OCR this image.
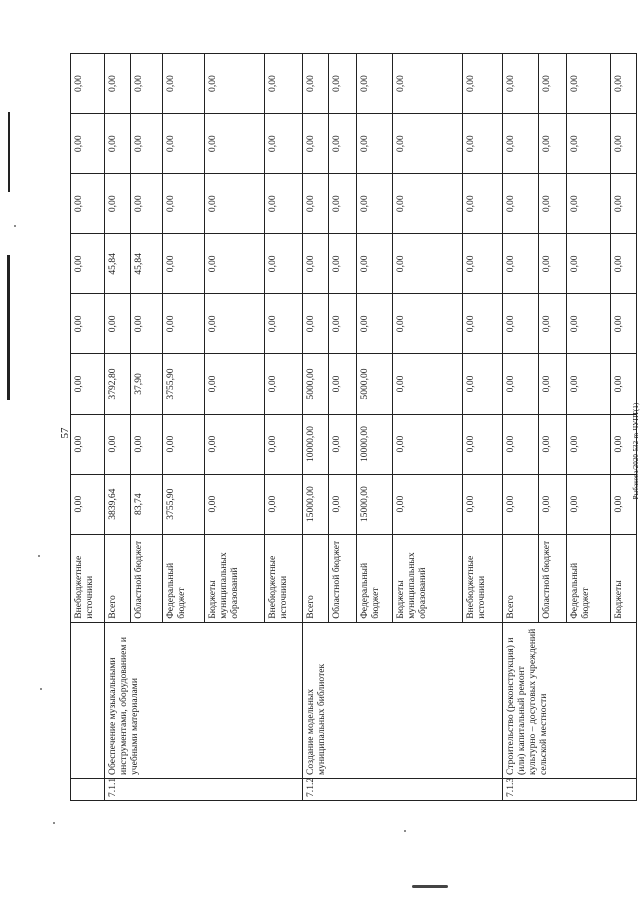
57
		Внебюджетные источники	0,00	0,00	0,00	0,00	0,00	0,00	0,00	0,00
7.1.1	Обеспечение музыкальными инструментами, оборудованием и учебными материалами	Всего	3839,64	0,00	3792,80	0,00	45,84	0,00	0,00	0,00
		Областной бюджет	83,74	0,00	37,90	0,00	45,84	0,00	0,00	0,00
		Федеральный бюджет	3755,90	0,00	3755,90	0,00	0,00	0,00	0,00	0,00
		Бюджеты муниципальных образований	0,00	0,00	0,00	0,00	0,00	0,00	0,00	0,00
		Внебюджетные источники	0,00	0,00	0,00	0,00	0,00	0,00	0,00	0,00
7.1.2	Создание модельных муниципальных библиотек	Всего	15000,00	10000,00	5000,00	0,00	0,00	0,00	0,00	0,00
		Областной бюджет	0,00	0,00	0,00	0,00	0,00	0,00	0,00	0,00
		Федеральный бюджет	15000,00	10000,00	5000,00	0,00	0,00	0,00	0,00	0,00
		Бюджеты муниципальных образований	0,00	0,00	0,00	0,00	0,00	0,00	0,00	0,00
		Внебюджетные источники	0,00	0,00	0,00	0,00	0,00	0,00	0,00	0,00
7.1.3	Строительство (реконструкция) и (или) капитальный ремонт культурно – досуговых учреждений сельской местности	Всего	0,00	0,00	0,00	0,00	0,00	0,00	0,00	0,00
		Областной бюджет	0,00	0,00	0,00	0,00	0,00	0,00	0,00	0,00
		Федеральный бюджет	0,00	0,00	0,00	0,00	0,00	0,00	0,00	0,00
		Бюджеты	0,00	0,00	0,00	0,00	0,00	0,00	0,00	0,00
Рыбакова/2020-532-m-ЧУПТ(1)
